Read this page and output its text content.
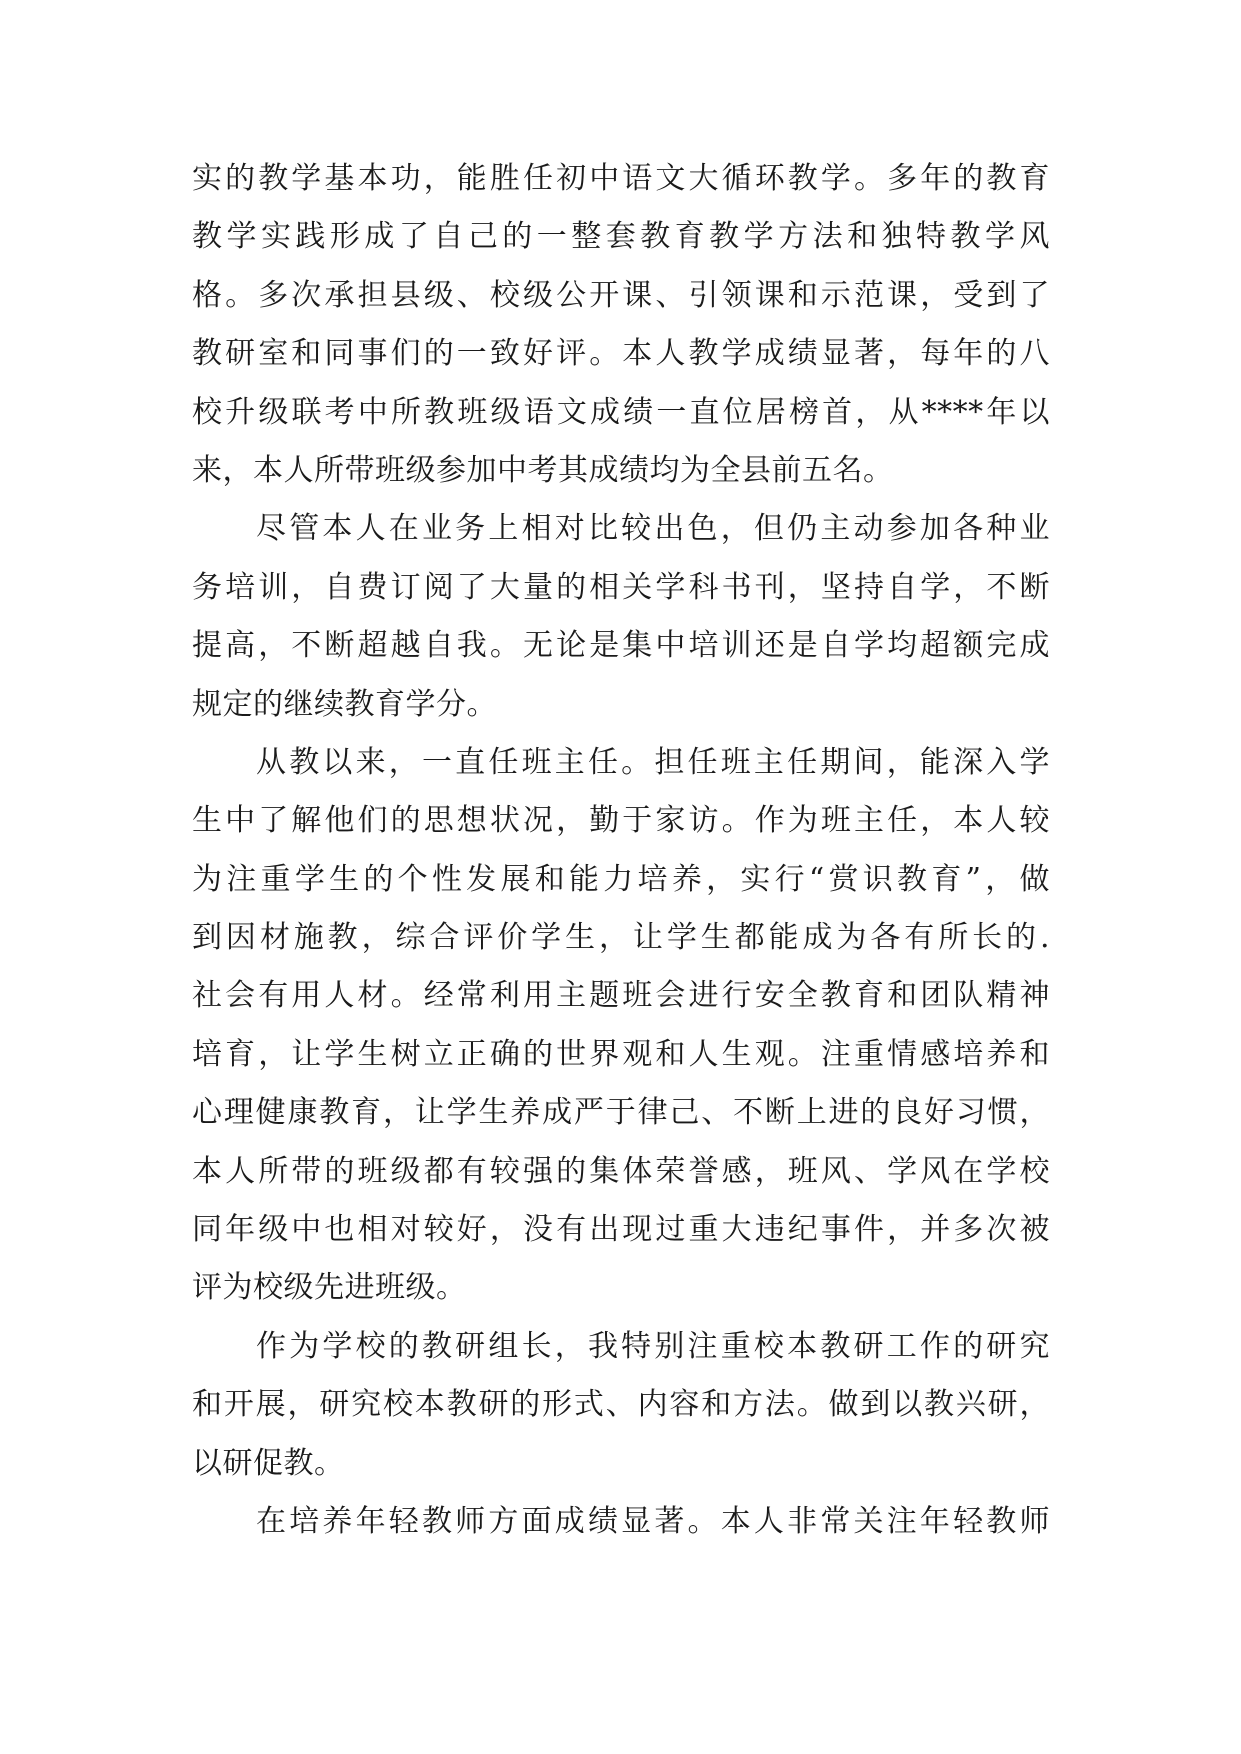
实的教学基本功，能胜任初中语文大循环教学。多年的教育
教学实践形成了自己的一整套教育教学方法和独特教学风
格。多次承担县级、校级公开课、引领课和示范课，受到了
教研室和同事们的一致好评。本人教学成绩显著，每年的八
校升级联考中所教班级语文成绩一直位居榜首，从****年以
来，本人所带班级参加中考其成绩均为全县前五名。
尽管本人在业务上相对比较出色，但仍主动参加各种业
务培训，自费订阅了大量的相关学科书刊，坚持自学，不断
提高，不断超越自我。无论是集中培训还是自学均超额完成
规定的继续教育学分。
从教以来，一直任班主任。担任班主任期间，能深入学
生中了解他们的思想状况，勤于家访。作为班主任，本人较
为注重学生的个性发展和能力培养，实行“赏识教育”，做
到因材施教，综合评价学生，让学生都能成为各有所长的.
社会有用人材。经常利用主题班会进行安全教育和团队精神
培育，让学生树立正确的世界观和人生观。注重情感培养和
心理健康教育，让学生养成严于律己、不断上进的良好习惯，
本人所带的班级都有较强的集体荣誉感，班风、学风在学校
同年级中也相对较好，没有出现过重大违纪事件，并多次被
评为校级先进班级。
作为学校的教研组长，我特别注重校本教研工作的研究
和开展，研究校本教研的形式、内容和方法。做到以教兴研，
以研促教。
在培养年轻教师方面成绩显著。本人非常关注年轻教师
